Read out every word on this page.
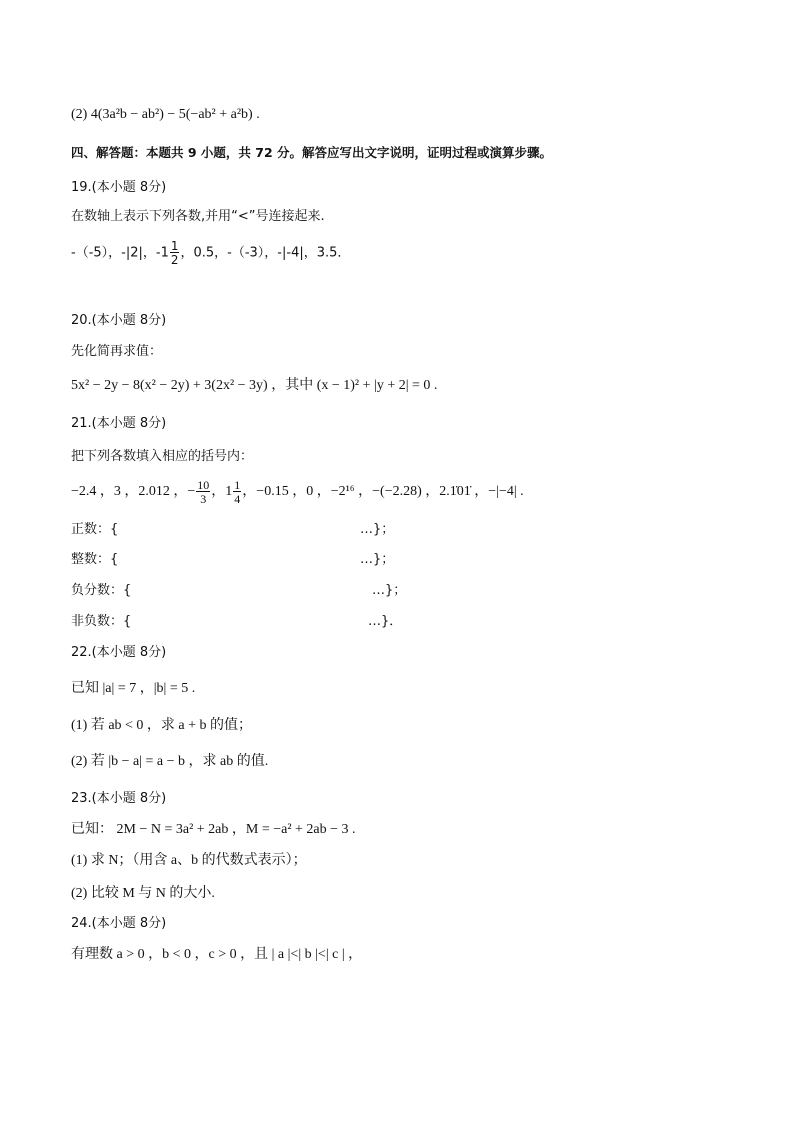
(2) 4(3a²b − ab²) − 5(−ab² + a²b) .
四、解答题：本题共 9 小题，共 72 分。解答应写出文字说明，证明过程或演算步骤。
19.(本小题 8分)
在数轴上表示下列各数,并用“<”号连接起来.
-（-5），-|2|，$-1 \frac{1}{2}$ ，0.5，-（-3），-|-4|，3.5．
20.(本小题 8分)
先化简再求值：
5x² − 2y − 8(x² − 2y) + 3(2x² − 3y) ，其中 (x − 1)² + |y + 2| = 0 .
21.(本小题 8分)
把下列各数填入相应的括号内：
−2.4 ，3 ，2.012 ，− $\frac{10}{3}$ ，$1 \frac{1}{4}$ ，−0.15 ，0 ，−2¹⁶ ，−(−2.28) ，2.1̇01̇ ，−|−4| .
正数：{	…}；
整数：{	…}；
负分数：{	…}；
非负数：{	…}．
22.(本小题 8分)
已知 |a| = 7 ，|b| = 5 .
(1) 若 ab < 0 ，求 a + b 的值；
(2) 若 |b − a| = a − b ，求 ab 的值.
23.(本小题 8分)
已知： 2M − N = 3a² + 2ab ，M = −a² + 2ab − 3 .
(1) 求 N；（用含 a、b 的代数式表示）；
(2) 比较 M 与 N 的大小.
24.(本小题 8分)
有理数 a > 0 ，b < 0 ，c > 0 ，且 | a |<| b |<| c | ，
